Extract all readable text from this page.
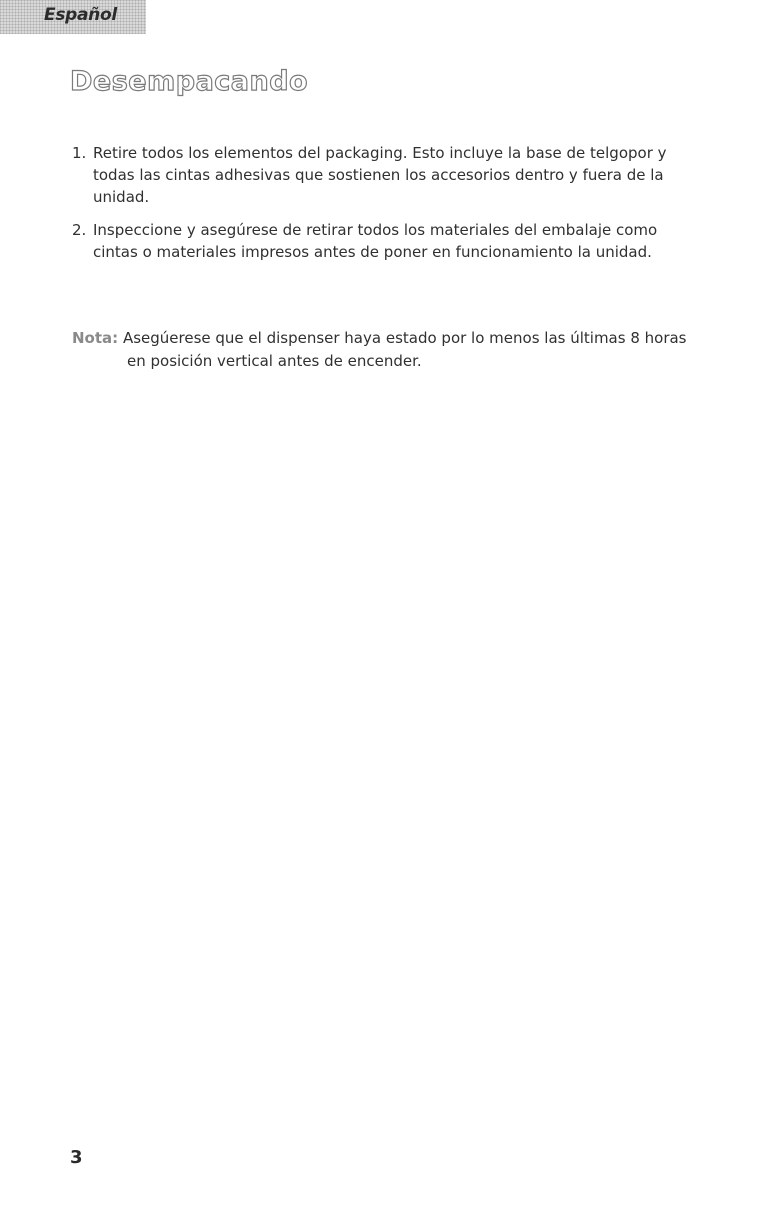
Español
Desempacando
1. Retire todos los elementos del packaging. Esto incluye la base de telgopor y todas las cintas adhesivas que sostienen los accesorios dentro y fuera de la unidad.
2. Inspeccione y asegúrese de retirar todos los materiales del embalaje como cintas o materiales impresos antes de poner en funcionamiento la unidad.
Nota: Asegúerese que el dispenser haya estado por lo menos las últimas 8 horas
en posición vertical antes de encender.
3
